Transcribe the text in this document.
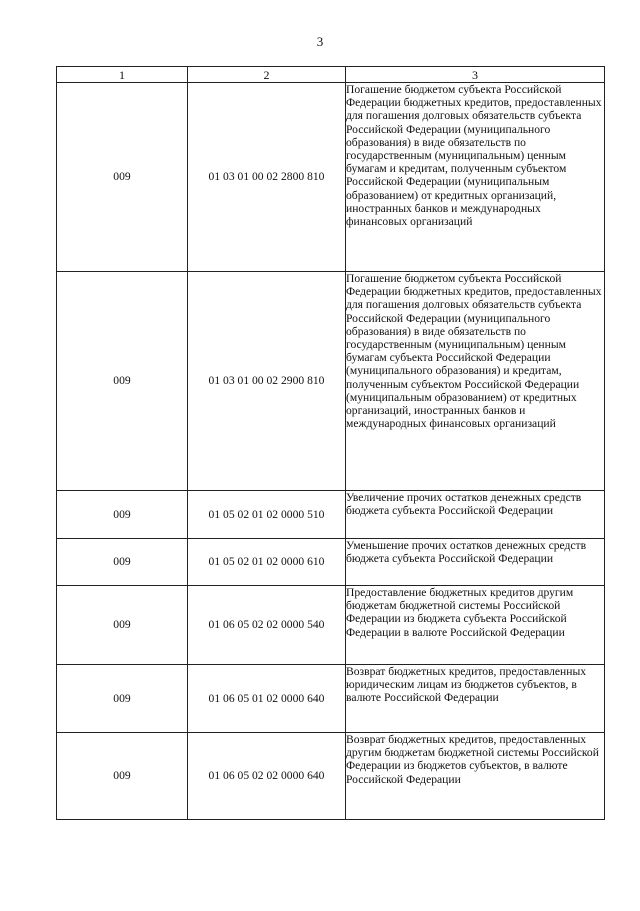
3
1	2	3
009	01 03 01 00 02 2800 810	Погашение бюджетом субъекта Российской Федерации бюджетных кредитов, предоставленных для погашения долговых обязательств субъекта Российской Федерации (муниципального образования) в виде обязательств по государственным (муниципальным) ценным бумагам и кредитам, полученным субъектом Российской Федерации (муниципальным образованием) от кредитных организаций, иностранных банков и международных финансовых организаций
009	01 03 01 00 02 2900 810	Погашение бюджетом субъекта Российской Федерации бюджетных кредитов, предоставленных для погашения долговых обязательств субъекта Российской Федерации (муниципального образования) в виде обязательств по государственным (муниципальным) ценным бумагам субъекта Российской Федерации (муниципального образования) и кредитам, полученным субъектом Российской Федерации (муниципальным образованием) от кредитных организаций, иностранных банков и международных финансовых организаций
009	01 05 02 01 02 0000 510	Увеличение прочих остатков денежных средств бюджета субъекта Российской Федерации
009	01 05 02 01 02 0000 610	Уменьшение прочих остатков денежных средств бюджета субъекта Российской Федерации
009	01 06 05 02 02 0000 540	Предоставление бюджетных кредитов другим бюджетам бюджетной системы Российской Федерации из бюджета субъекта Российской Федерации в валюте Российской Федерации
009	01 06 05 01 02 0000 640	Возврат бюджетных кредитов, предоставленных юридическим лицам из бюджетов субъектов, в валюте Российской Федерации
009	01 06 05 02 02 0000 640	Возврат бюджетных кредитов, предоставленных другим бюджетам бюджетной системы Российской Федерации из бюджетов субъектов, в валюте Российской Федерации
